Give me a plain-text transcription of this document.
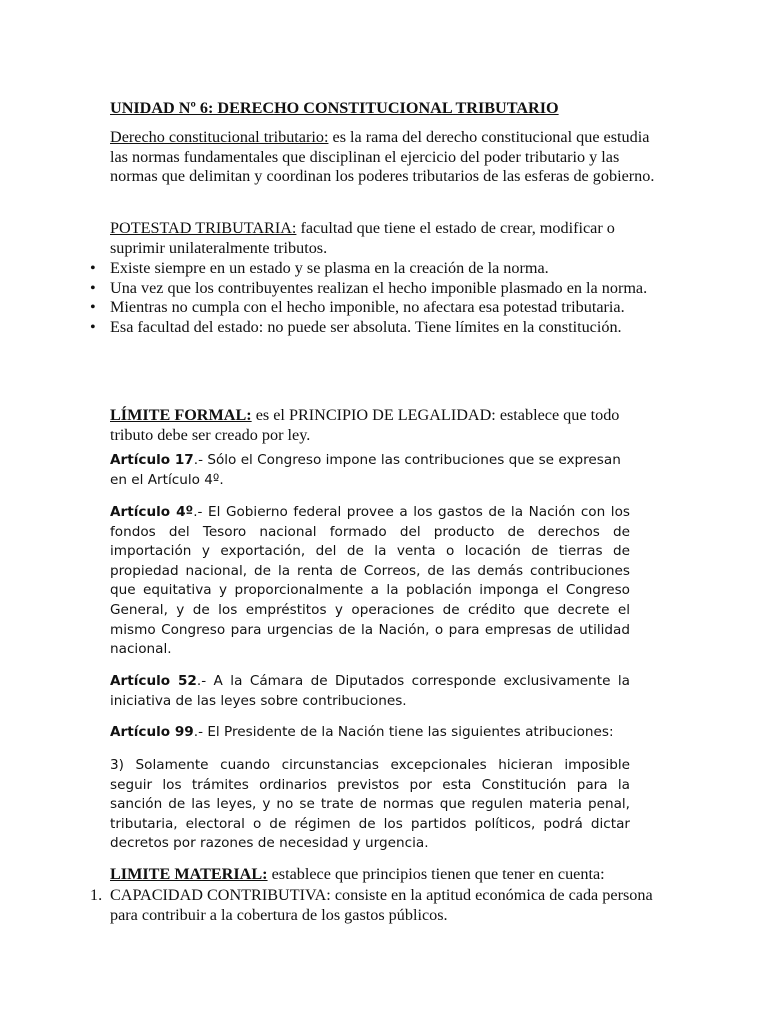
UNIDAD Nº 6: DERECHO CONSTITUCIONAL TRIBUTARIO

Derecho constitucional tributario: es la rama del derecho constitucional que estudia las normas fundamentales que disciplinan el ejercicio del poder tributario y las normas que delimitan y coordinan los poderes tributarios de las esferas de gobierno.

POTESTAD TRIBUTARIA: facultad que tiene el estado de crear, modificar o suprimir unilateralmente tributos.

• Existe siempre en un estado y se plasma en la creación de la norma.
• Una vez que los contribuyentes realizan el hecho imponible plasmado en la norma.
• Mientras no cumpla con el hecho imponible, no afectara esa potestad tributaria.
• Esa facultad del estado: no puede ser absoluta. Tiene límites en la constitución.

LÍMITE FORMAL: es el PRINCIPIO DE LEGALIDAD: establece que todo tributo debe ser creado por ley.

Artículo 17.- Sólo el Congreso impone las contribuciones que se expresan en el Artículo 4º.

Artículo 4º.- El Gobierno federal provee a los gastos de la Nación con los fondos del Tesoro nacional formado del producto de derechos de importación y exportación, del de la venta o locación de tierras de propiedad nacional, de la renta de Correos, de las demás contribuciones que equitativa y proporcionalmente a la población imponga el Congreso General, y de los empréstitos y operaciones de crédito que decrete el mismo Congreso para urgencias de la Nación, o para empresas de utilidad nacional.

Artículo 52.- A la Cámara de Diputados corresponde exclusivamente la iniciativa de las leyes sobre contribuciones.

Artículo 99.- El Presidente de la Nación tiene las siguientes atribuciones:

3) Solamente cuando circunstancias excepcionales hicieran imposible seguir los trámites ordinarios previstos por esta Constitución para la sanción de las leyes, y no se trate de normas que regulen materia penal, tributaria, electoral o de régimen de los partidos políticos, podrá dictar decretos por razones de necesidad y urgencia.

LIMITE MATERIAL: establece que principios tienen que tener en cuenta:

1. CAPACIDAD CONTRIBUTIVA: consiste en la aptitud económica de cada persona para contribuir a la cobertura de los gastos públicos.
